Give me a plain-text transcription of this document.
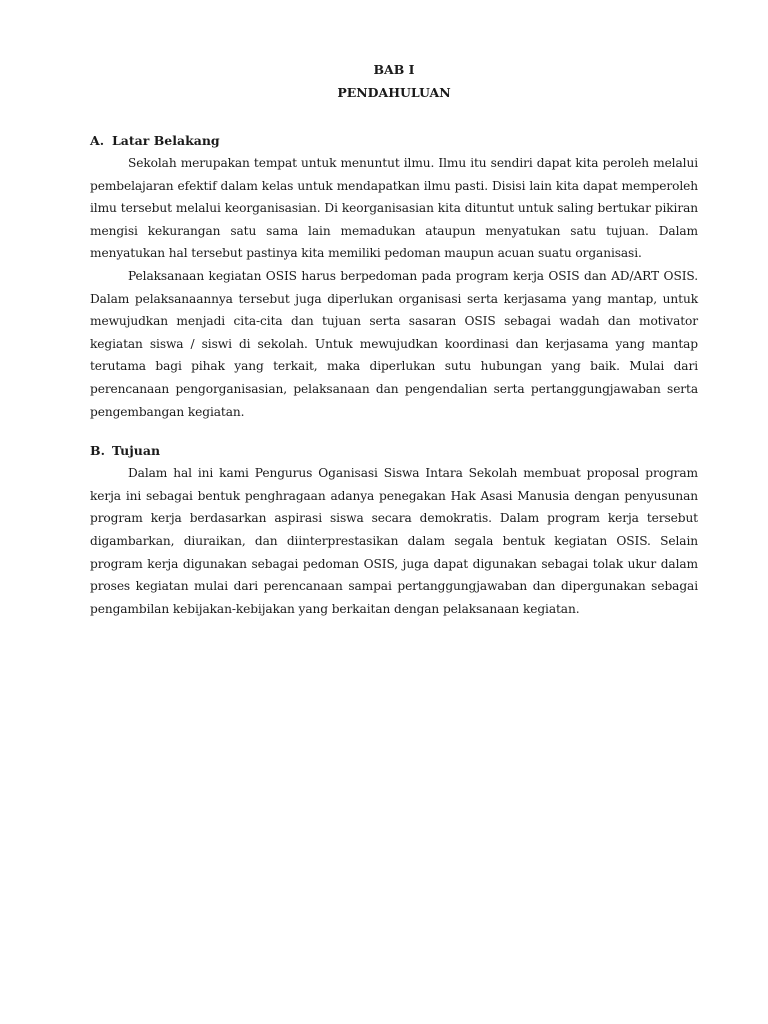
BAB I

PENDAHULUAN

A. Latar Belakang

Sekolah merupakan tempat untuk menuntut ilmu. Ilmu itu sendiri dapat kita peroleh melalui pembelajaran efektif dalam kelas untuk mendapatkan ilmu pasti. Disisi lain kita dapat memperoleh ilmu tersebut melalui keorganisasian. Di keorganisasian kita dituntut untuk saling bertukar pikiran mengisi kekurangan satu sama lain memadukan ataupun menyatukan satu tujuan. Dalam menyatukan hal tersebut pastinya kita memiliki pedoman maupun acuan suatu organisasi.

Pelaksanaan kegiatan OSIS harus berpedoman pada program kerja OSIS dan AD/ART OSIS. Dalam pelaksanaannya tersebut juga diperlukan organisasi serta kerjasama yang mantap, untuk mewujudkan menjadi cita-cita dan tujuan serta sasaran OSIS sebagai wadah dan motivator kegiatan siswa / siswi di sekolah. Untuk mewujudkan koordinasi dan kerjasama yang mantap terutama bagi pihak yang terkait, maka diperlukan sutu hubungan yang baik. Mulai dari perencanaan pengorganisasian, pelaksanaan dan pengendalian serta pertanggungjawaban serta pengembangan kegiatan.

B. Tujuan

Dalam hal ini kami Pengurus Oganisasi Siswa Intara Sekolah membuat proposal program kerja ini sebagai bentuk penghragaan adanya penegakan Hak Asasi Manusia dengan penyusunan program kerja berdasarkan aspirasi siswa secara demokratis. Dalam program kerja tersebut digambarkan, diuraikan, dan diinterprestasikan dalam segala bentuk kegiatan OSIS. Selain program kerja digunakan sebagai pedoman OSIS, juga dapat digunakan sebagai tolak ukur dalam proses kegiatan mulai dari perencanaan sampai pertanggungjawaban dan dipergunakan sebagai pengambilan kebijakan-kebijakan yang berkaitan dengan pelaksanaan kegiatan.
